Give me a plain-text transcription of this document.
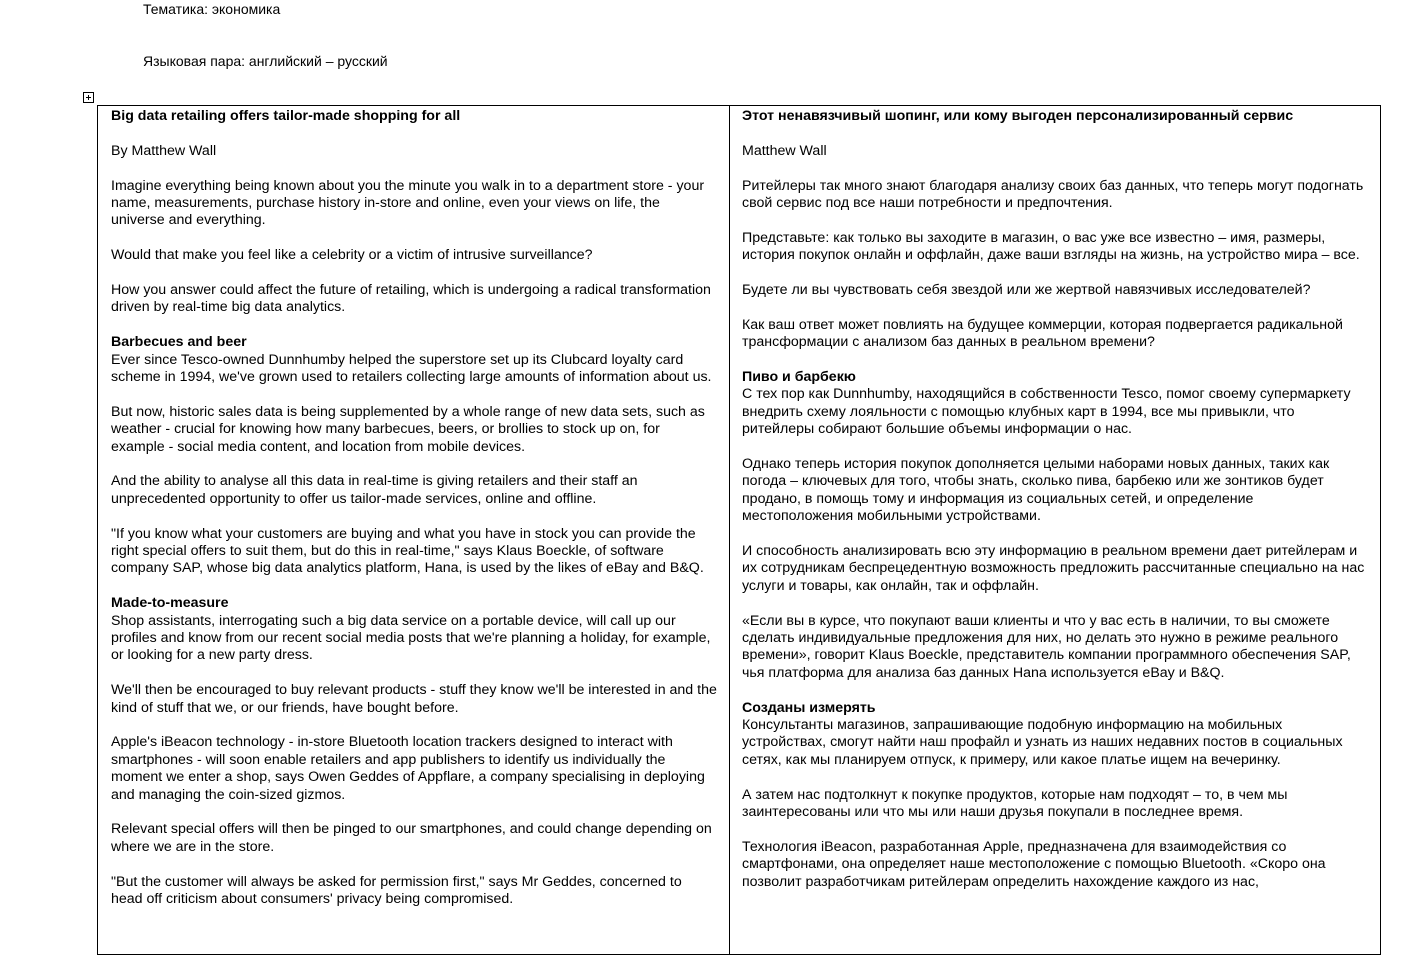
Тематика: экономика
Языковая пара: английский – русский

Big data retailing offers tailor-made shopping for all

By Matthew Wall

Imagine everything being known about you the minute you walk in to a department store - your name, measurements, purchase history in-store and online, even your views on life, the universe and everything.

Would that make you feel like a celebrity or a victim of intrusive surveillance?

How you answer could affect the future of retailing, which is undergoing a radical transformation driven by real-time big data analytics.

Barbecues and beer
Ever since Tesco-owned Dunnhumby helped the superstore set up its Clubcard loyalty card scheme in 1994, we've grown used to retailers collecting large amounts of information about us.

But now, historic sales data is being supplemented by a whole range of new data sets, such as weather - crucial for knowing how many barbecues, beers, or brollies to stock up on, for example - social media content, and location from mobile devices.

And the ability to analyse all this data in real-time is giving retailers and their staff an unprecedented opportunity to offer us tailor-made services, online and offline.

"If you know what your customers are buying and what you have in stock you can provide the right special offers to suit them, but do this in real-time," says Klaus Boeckle, of software company SAP, whose big data analytics platform, Hana, is used by the likes of eBay and B&Q.

Made-to-measure
Shop assistants, interrogating such a big data service on a portable device, will call up our profiles and know from our recent social media posts that we're planning a holiday, for example, or looking for a new party dress.

We'll then be encouraged to buy relevant products - stuff they know we'll be interested in and the kind of stuff that we, or our friends, have bought before.

Apple's iBeacon technology - in-store Bluetooth location trackers designed to interact with smartphones - will soon enable retailers and app publishers to identify us individually the moment we enter a shop, says Owen Geddes of Appflare, a company specialising in deploying and managing the coin-sized gizmos.

Relevant special offers will then be pinged to our smartphones, and could change depending on where we are in the store.

"But the customer will always be asked for permission first," says Mr Geddes, concerned to head off criticism about consumers' privacy being compromised.

Этот ненавязчивый шопинг, или кому выгоден персонализированный сервис

Matthew Wall

Ритейлеры так много знают благодаря анализу своих баз данных, что теперь могут подогнать свой сервис под все наши потребности и предпочтения.

Представьте: как только вы заходите в магазин, о вас уже все известно – имя, размеры, история покупок онлайн и оффлайн, даже ваши взгляды на жизнь, на устройство мира – все.

Будете ли вы чувствовать себя звездой или же жертвой навязчивых исследователей?

Как ваш ответ может повлиять на будущее коммерции, которая подвергается радикальной трансформации с анализом баз данных в реальном времени?

Пиво и барбекю
С тех пор как Dunnhumby, находящийся в собственности Tesco, помог своему супермаркету внедрить схему лояльности с помощью клубных карт в 1994, все мы привыкли, что ритейлеры собирают большие объемы информации о нас.

Однако теперь история покупок дополняется целыми наборами новых данных, таких как погода – ключевых для того, чтобы знать, сколько пива, барбекю или же зонтиков будет продано, в помощь тому и информация из социальных сетей, и определение местоположения мобильными устройствами.

И способность анализировать всю эту информацию в реальном времени дает ритейлерам и их сотрудникам беспрецедентную возможность предложить рассчитанные специально на нас услуги и товары, как онлайн, так и оффлайн.

«Если вы в курсе, что покупают ваши клиенты и что у вас есть в наличии, то вы сможете сделать индивидуальные предложения для них, но делать это нужно в режиме реального времени», говорит Klaus Boeckle, представитель компании программного обеспечения SAP, чья платформа для анализа баз данных Hana используется eBay и B&Q.

Созданы измерять
Консультанты магазинов, запрашивающие подобную информацию на мобильных устройствах, смогут найти наш профайл и узнать из наших недавних постов в социальных сетях, как мы планируем отпуск, к примеру, или какое платье ищем на вечеринку.

А затем нас подтолкнут к покупке продуктов, которые нам подходят – то, в чем мы заинтересованы или что мы или наши друзья покупали в последнее время.

Технология iBeacon, разработанная Apple, предназначена для взаимодействия со смартфонами, она определяет наше местоположение с помощью Bluetooth. «Скоро она позволит разработчикам ритейлерам определить нахождение каждого из нас,
